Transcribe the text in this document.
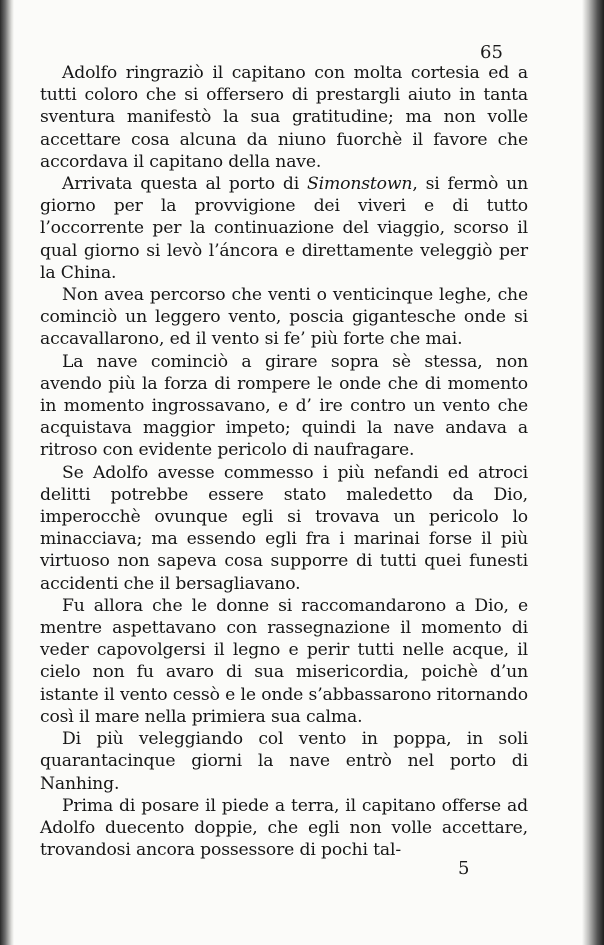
65

Adolfo ringraziò il capitano con molta cortesia ed a tutti coloro che si offersero di prestargli aiuto in tanta sventura manifestò la sua gratitudine; ma non volle accettare cosa alcuna da niuno fuorchè il favore che accordava il capitano della nave.

Arrivata questa al porto di Simonstown, si fermò un giorno per la provvigione dei viveri e di tutto l’occorrente per la continuazione del viaggio, scorso il qual giorno si levò l’áncora e direttamente veleggiò per la China.

Non avea percorso che venti o venticinque leghe, che cominciò un leggero vento, poscia gigantesche onde si accavallarono, ed il vento si fe’ più forte che mai.

La nave cominciò a girare sopra sè stessa, non avendo più la forza di rompere le onde che di momento in momento ingrossavano, e d’ ire contro un vento che acquistava maggior impeto; quindi la nave andava a ritroso con evidente pericolo di naufragare.

Se Adolfo avesse commesso i più nefandi ed atroci delitti potrebbe essere stato maledetto da Dio, imperocchè ovunque egli si trovava un pericolo lo minacciava; ma essendo egli fra i marinai forse il più virtuoso non sapeva cosa supporre di tutti quei funesti accidenti che il bersagliavano.

Fu allora che le donne si raccomandarono a Dio, e mentre aspettavano con rassegnazione il momento di veder capovolgersi il legno e perir tutti nelle acque, il cielo non fu avaro di sua misericordia, poichè d’un istante il vento cessò e le onde s’abbassarono ritornando così il mare nella primiera sua calma.

Di più veleggiando col vento in poppa, in soli quarantacinque giorni la nave entrò nel porto di Nanhing.

Prima di posare il piede a terra, il capitano offerse ad Adolfo duecento doppie, che egli non volle accettare, trovandosi ancora possessore di pochi tal-

5
